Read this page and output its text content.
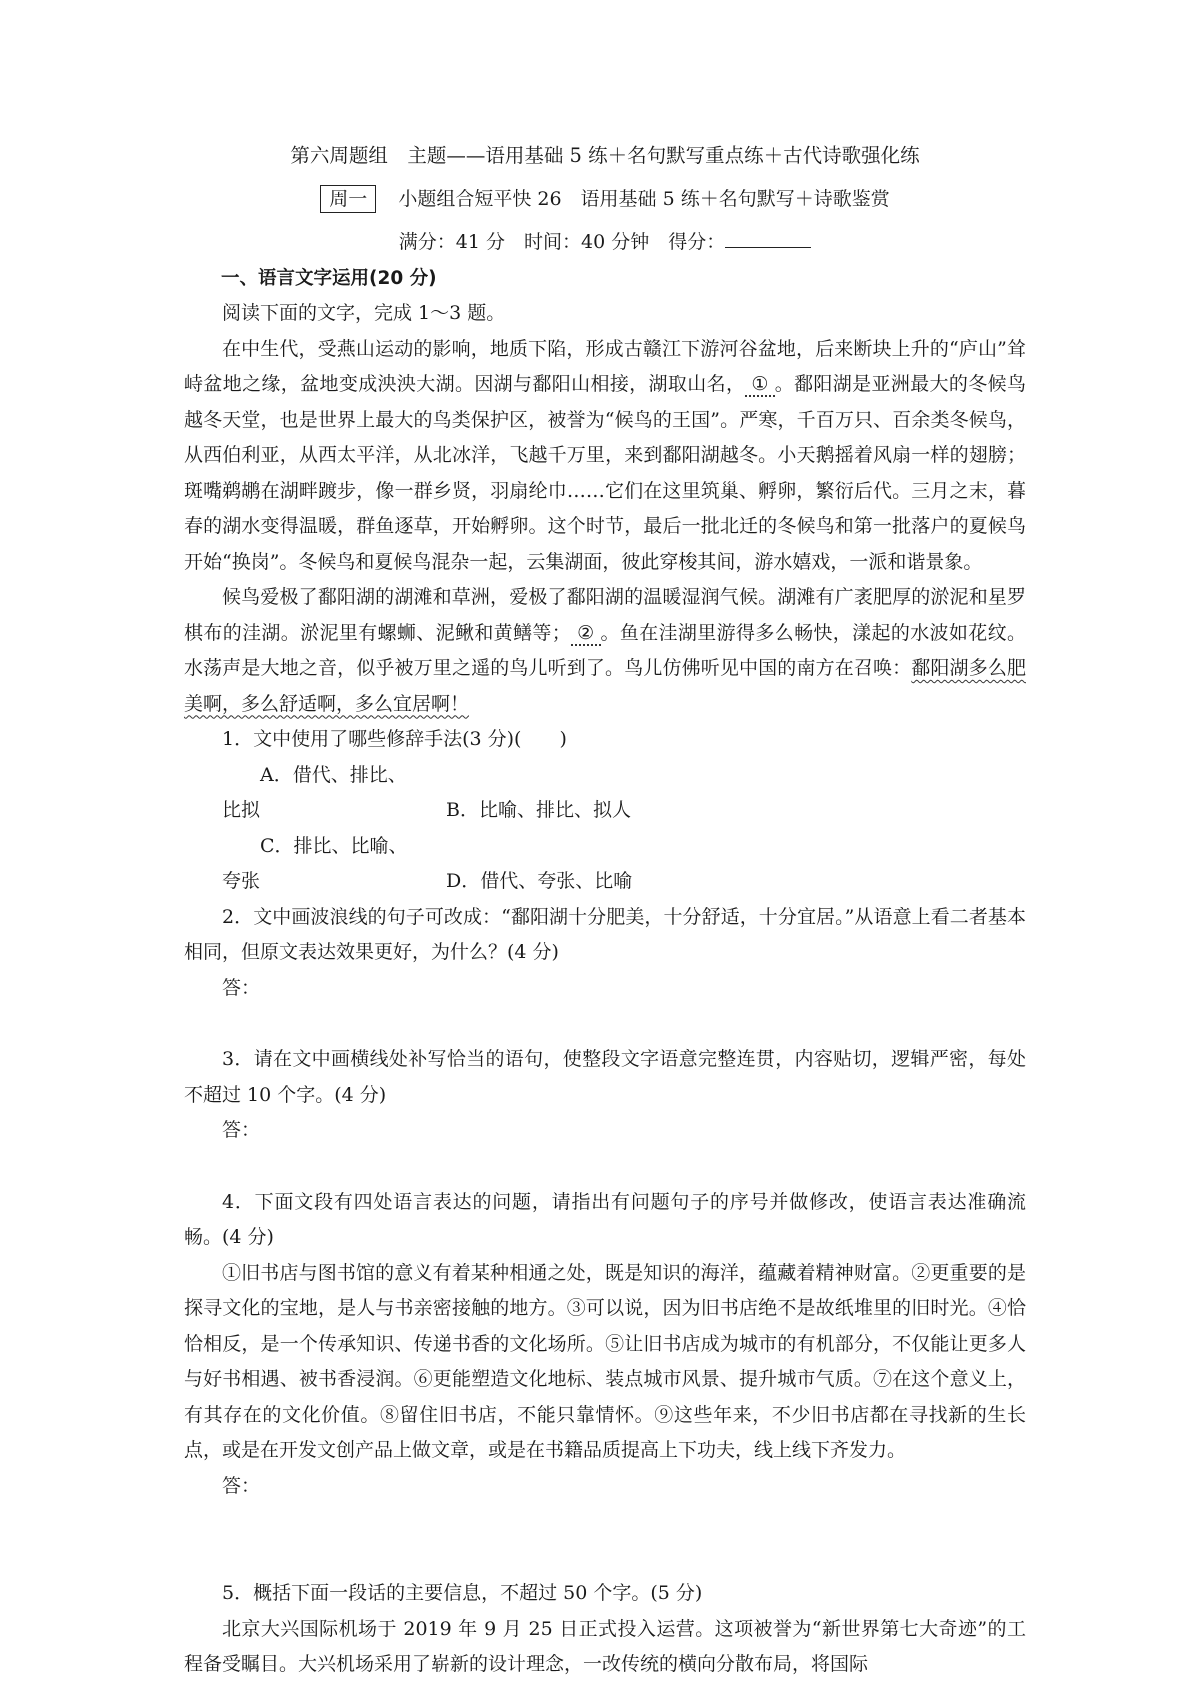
第六周题组　主题——语用基础 5 练＋名句默写重点练＋古代诗歌强化练

周一 小题组合短平快 26　语用基础 5 练＋名句默写＋诗歌鉴赏
满分：41 分　时间：40 分钟　得分：

一、语言文字运用(20 分)

阅读下面的文字，完成 1～3 题。

在中生代，受燕山运动的影响，地质下陷，形成古赣江下游河谷盆地，后来断块上升的“庐山”耸峙盆地之缘，盆地变成泱泱大湖。因湖与鄱阳山相接，湖取山名， ① 。鄱阳湖是亚洲最大的冬候鸟越冬天堂，也是世界上最大的鸟类保护区，被誉为“候鸟的王国”。严寒，千百万只、百余类冬候鸟，从西伯利亚，从西太平洋，从北冰洋，飞越千万里，来到鄱阳湖越冬。小天鹅摇着风扇一样的翅膀；斑嘴鹈鹕在湖畔踱步，像一群乡贤，羽扇纶巾……它们在这里筑巢、孵卵，繁衍后代。三月之末，暮春的湖水变得温暖，群鱼逐草，开始孵卵。这个时节，最后一批北迁的冬候鸟和第一批落户的夏候鸟开始“换岗”。冬候鸟和夏候鸟混杂一起，云集湖面，彼此穿梭其间，游水嬉戏，一派和谐景象。

候鸟爱极了鄱阳湖的湖滩和草洲，爱极了鄱阳湖的温暖湿润气候。湖滩有广袤肥厚的淤泥和星罗棋布的洼湖。淤泥里有螺蛳、泥鳅和黄鳝等； ② 。鱼在洼湖里游得多么畅快，漾起的水波如花纹。水荡声是大地之音，似乎被万里之遥的鸟儿听到了。鸟儿仿佛听见中国的南方在召唤：鄱阳湖多么肥美啊，多么舒适啊，多么宜居啊！

1．文中使用了哪些修辞手法(3 分)(　　)

A．借代、排比、比拟	B．比喻、排比、拟人

C．排比、比喻、夸张	D．借代、夸张、比喻

2．文中画波浪线的句子可改成：“鄱阳湖十分肥美，十分舒适，十分宜居。”从语意上看二者基本相同，但原文表达效果更好，为什么？(4 分)

答：

3．请在文中画横线处补写恰当的语句，使整段文字语意完整连贯，内容贴切，逻辑严密，每处不超过 10 个字。(4 分)

答：

4．下面文段有四处语言表达的问题，请指出有问题句子的序号并做修改，使语言表达准确流畅。(4 分)

①旧书店与图书馆的意义有着某种相通之处，既是知识的海洋，蕴藏着精神财富。②更重要的是探寻文化的宝地，是人与书亲密接触的地方。③可以说，因为旧书店绝不是故纸堆里的旧时光。④恰恰相反，是一个传承知识、传递书香的文化场所。⑤让旧书店成为城市的有机部分，不仅能让更多人与好书相遇、被书香浸润。⑥更能塑造文化地标、装点城市风景、提升城市气质。⑦在这个意义上，有其存在的文化价值。⑧留住旧书店，不能只靠情怀。⑨这些年来，不少旧书店都在寻找新的生长点，或是在开发文创产品上做文章，或是在书籍品质提高上下功夫，线上线下齐发力。

答：

5．概括下面一段话的主要信息，不超过 50 个字。(5 分)

北京大兴国际机场于 2019 年 9 月 25 日正式投入运营。这项被誉为“新世界第七大奇迹”的工程备受瞩目。大兴机场采用了崭新的设计理念，一改传统的横向分散布局，将国际
